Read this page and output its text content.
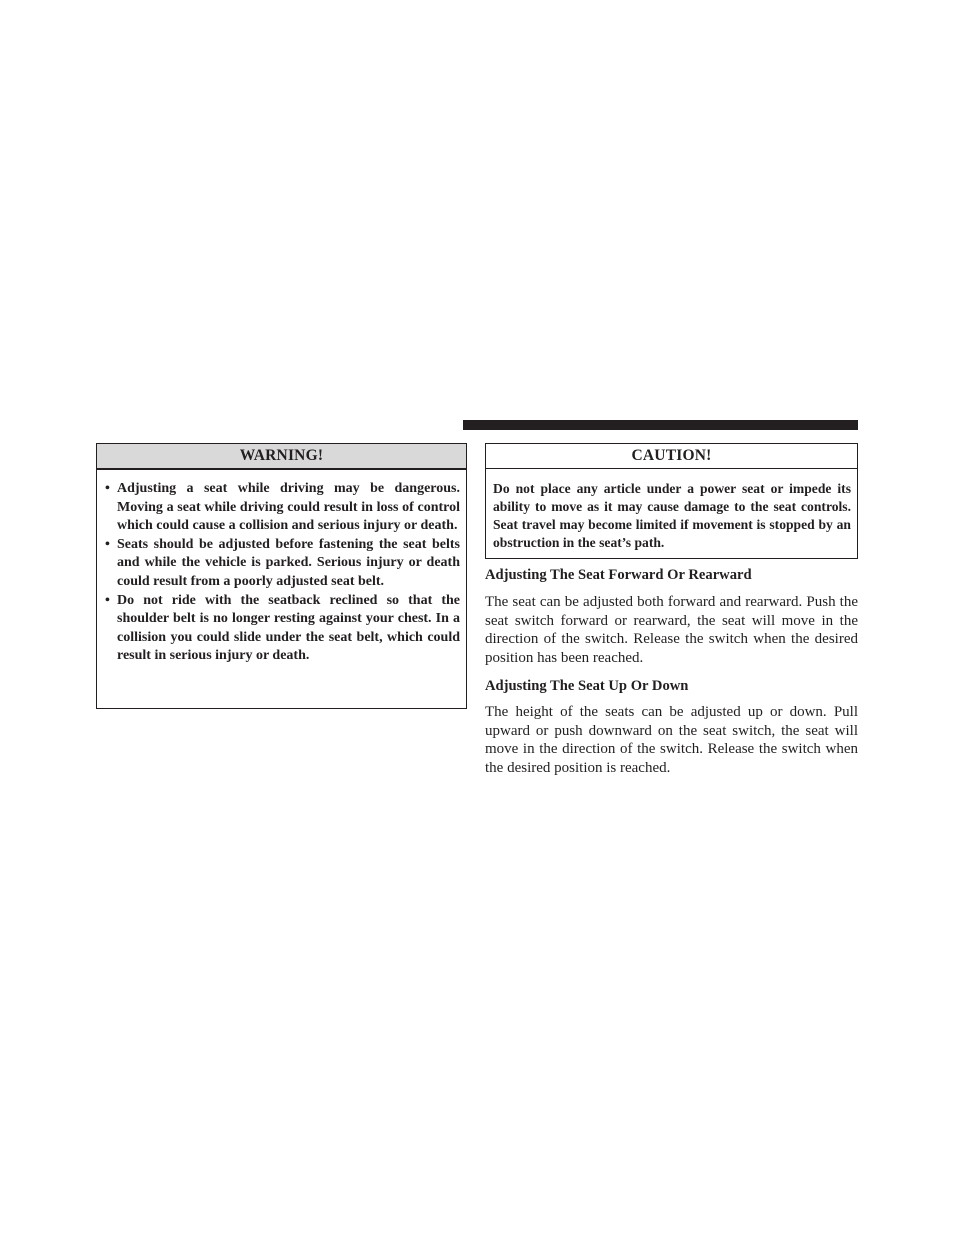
WARNING!
• Adjusting a seat while driving may be dangerous. Moving a seat while driving could result in loss of control which could cause a collision and serious injury or death.
• Seats should be adjusted before fastening the seat belts and while the vehicle is parked. Serious injury or death could result from a poorly adjusted seat belt.
• Do not ride with the seatback reclined so that the shoulder belt is no longer resting against your chest. In a collision you could slide under the seat belt, which could result in serious injury or death.
CAUTION!

Do not place any article under a power seat or impede its ability to move as it may cause damage to the seat controls. Seat travel may become limited if movement is stopped by an obstruction in the seat’s path.

Adjusting The Seat Forward Or Rearward

The seat can be adjusted both forward and rearward. Push the seat switch forward or rearward, the seat will move in the direction of the switch. Release the switch when the desired position has been reached.

Adjusting The Seat Up Or Down

The height of the seats can be adjusted up or down. Pull upward or push downward on the seat switch, the seat will move in the direction of the switch. Release the switch when the desired position is reached.
